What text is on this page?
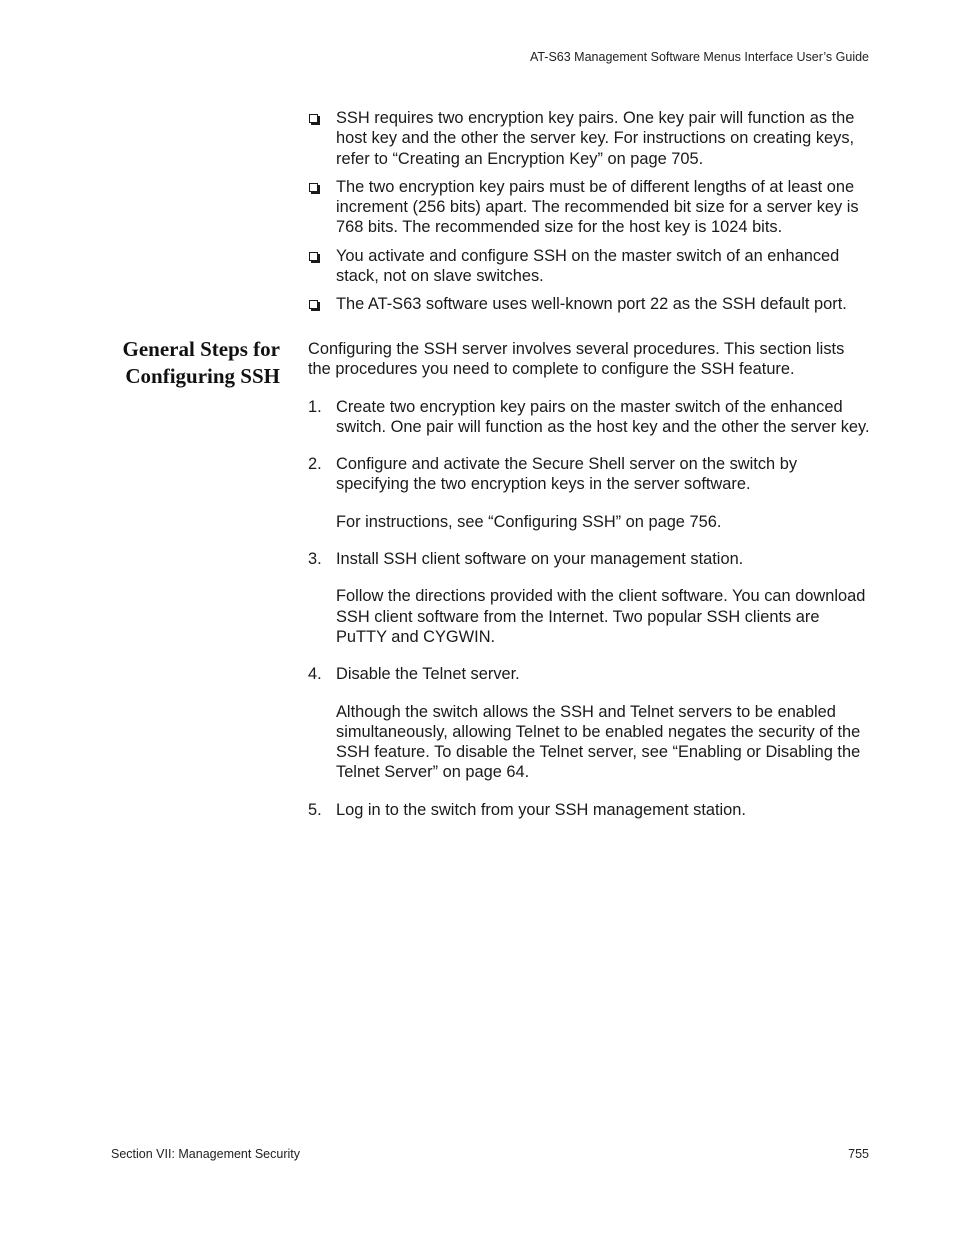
AT-S63 Management Software Menus Interface User’s Guide
SSH requires two encryption key pairs. One key pair will function as the host key and the other the server key. For instructions on creating keys, refer to “Creating an Encryption Key” on page 705.
The two encryption key pairs must be of different lengths of at least one increment (256 bits) apart. The recommended bit size for a server key is 768 bits. The recommended size for the host key is 1024 bits.
You activate and configure SSH on the master switch of an enhanced stack, not on slave switches.
The AT-S63 software uses well-known port 22 as the SSH default port.
General Steps for
Configuring SSH

Configuring the SSH server involves several procedures. This section lists the procedures you need to complete to configure the SSH feature.

1. Create two encryption key pairs on the master switch of the enhanced switch. One pair will function as the host key and the other the server key.

2. Configure and activate the Secure Shell server on the switch by specifying the two encryption keys in the server software.

For instructions, see “Configuring SSH” on page 756.

3. Install SSH client software on your management station.

Follow the directions provided with the client software. You can download SSH client software from the Internet. Two popular SSH clients are PuTTY and CYGWIN.

4. Disable the Telnet server.

Although the switch allows the SSH and Telnet servers to be enabled simultaneously, allowing Telnet to be enabled negates the security of the SSH feature. To disable the Telnet server, see “Enabling or Disabling the Telnet Server” on page 64.

5. Log in to the switch from your SSH management station.

Section VII: Management Security	755
